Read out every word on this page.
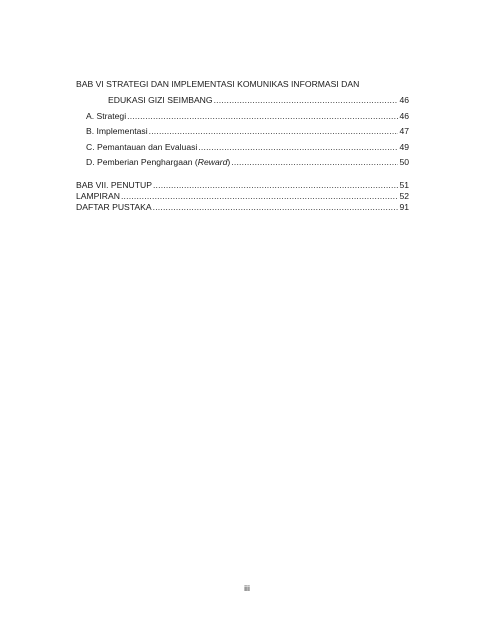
BAB VI STRATEGI DAN IMPLEMENTASI KOMUNIKAS INFORMASI DAN
EDUKASI GIZI SEIMBANG .....	46
A. Strategi .....	46
B. Implementasi .....	47
C. Pemantauan dan Evaluasi .....	49
D. Pemberian Penghargaan (Reward) .....	50
BAB VII. PENUTUP .....	51
LAMPIRAN .....	52
DAFTAR PUSTAKA .....	91
iii
